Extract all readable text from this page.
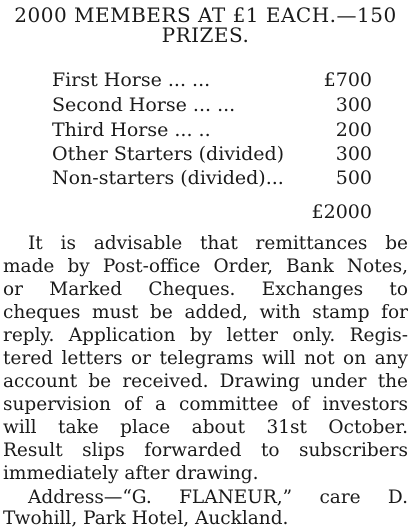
2000 MEMBERS AT £1 EACH.—150
PRIZES.
First Horse ... ...	£700
Second Horse ... ...	300
Third Horse ... ..	200
Other Starters (divided)	300
Non-starters (divided)...	500
£2000
It is advisable that remittances be
made by Post-office Order, Bank Notes,
or Marked Cheques. Exchanges to
cheques must be added, with stamp for
reply. Application by letter only. Regis-
tered letters or telegrams will not on any
account be received. Drawing under the
supervision of a committee of investors
will take place about 31st October.
Result slips forwarded to subscribers
immediately after drawing.
Address—“G. FLANEUR,” care D.
Twohill, Park Hotel, Auckland.
